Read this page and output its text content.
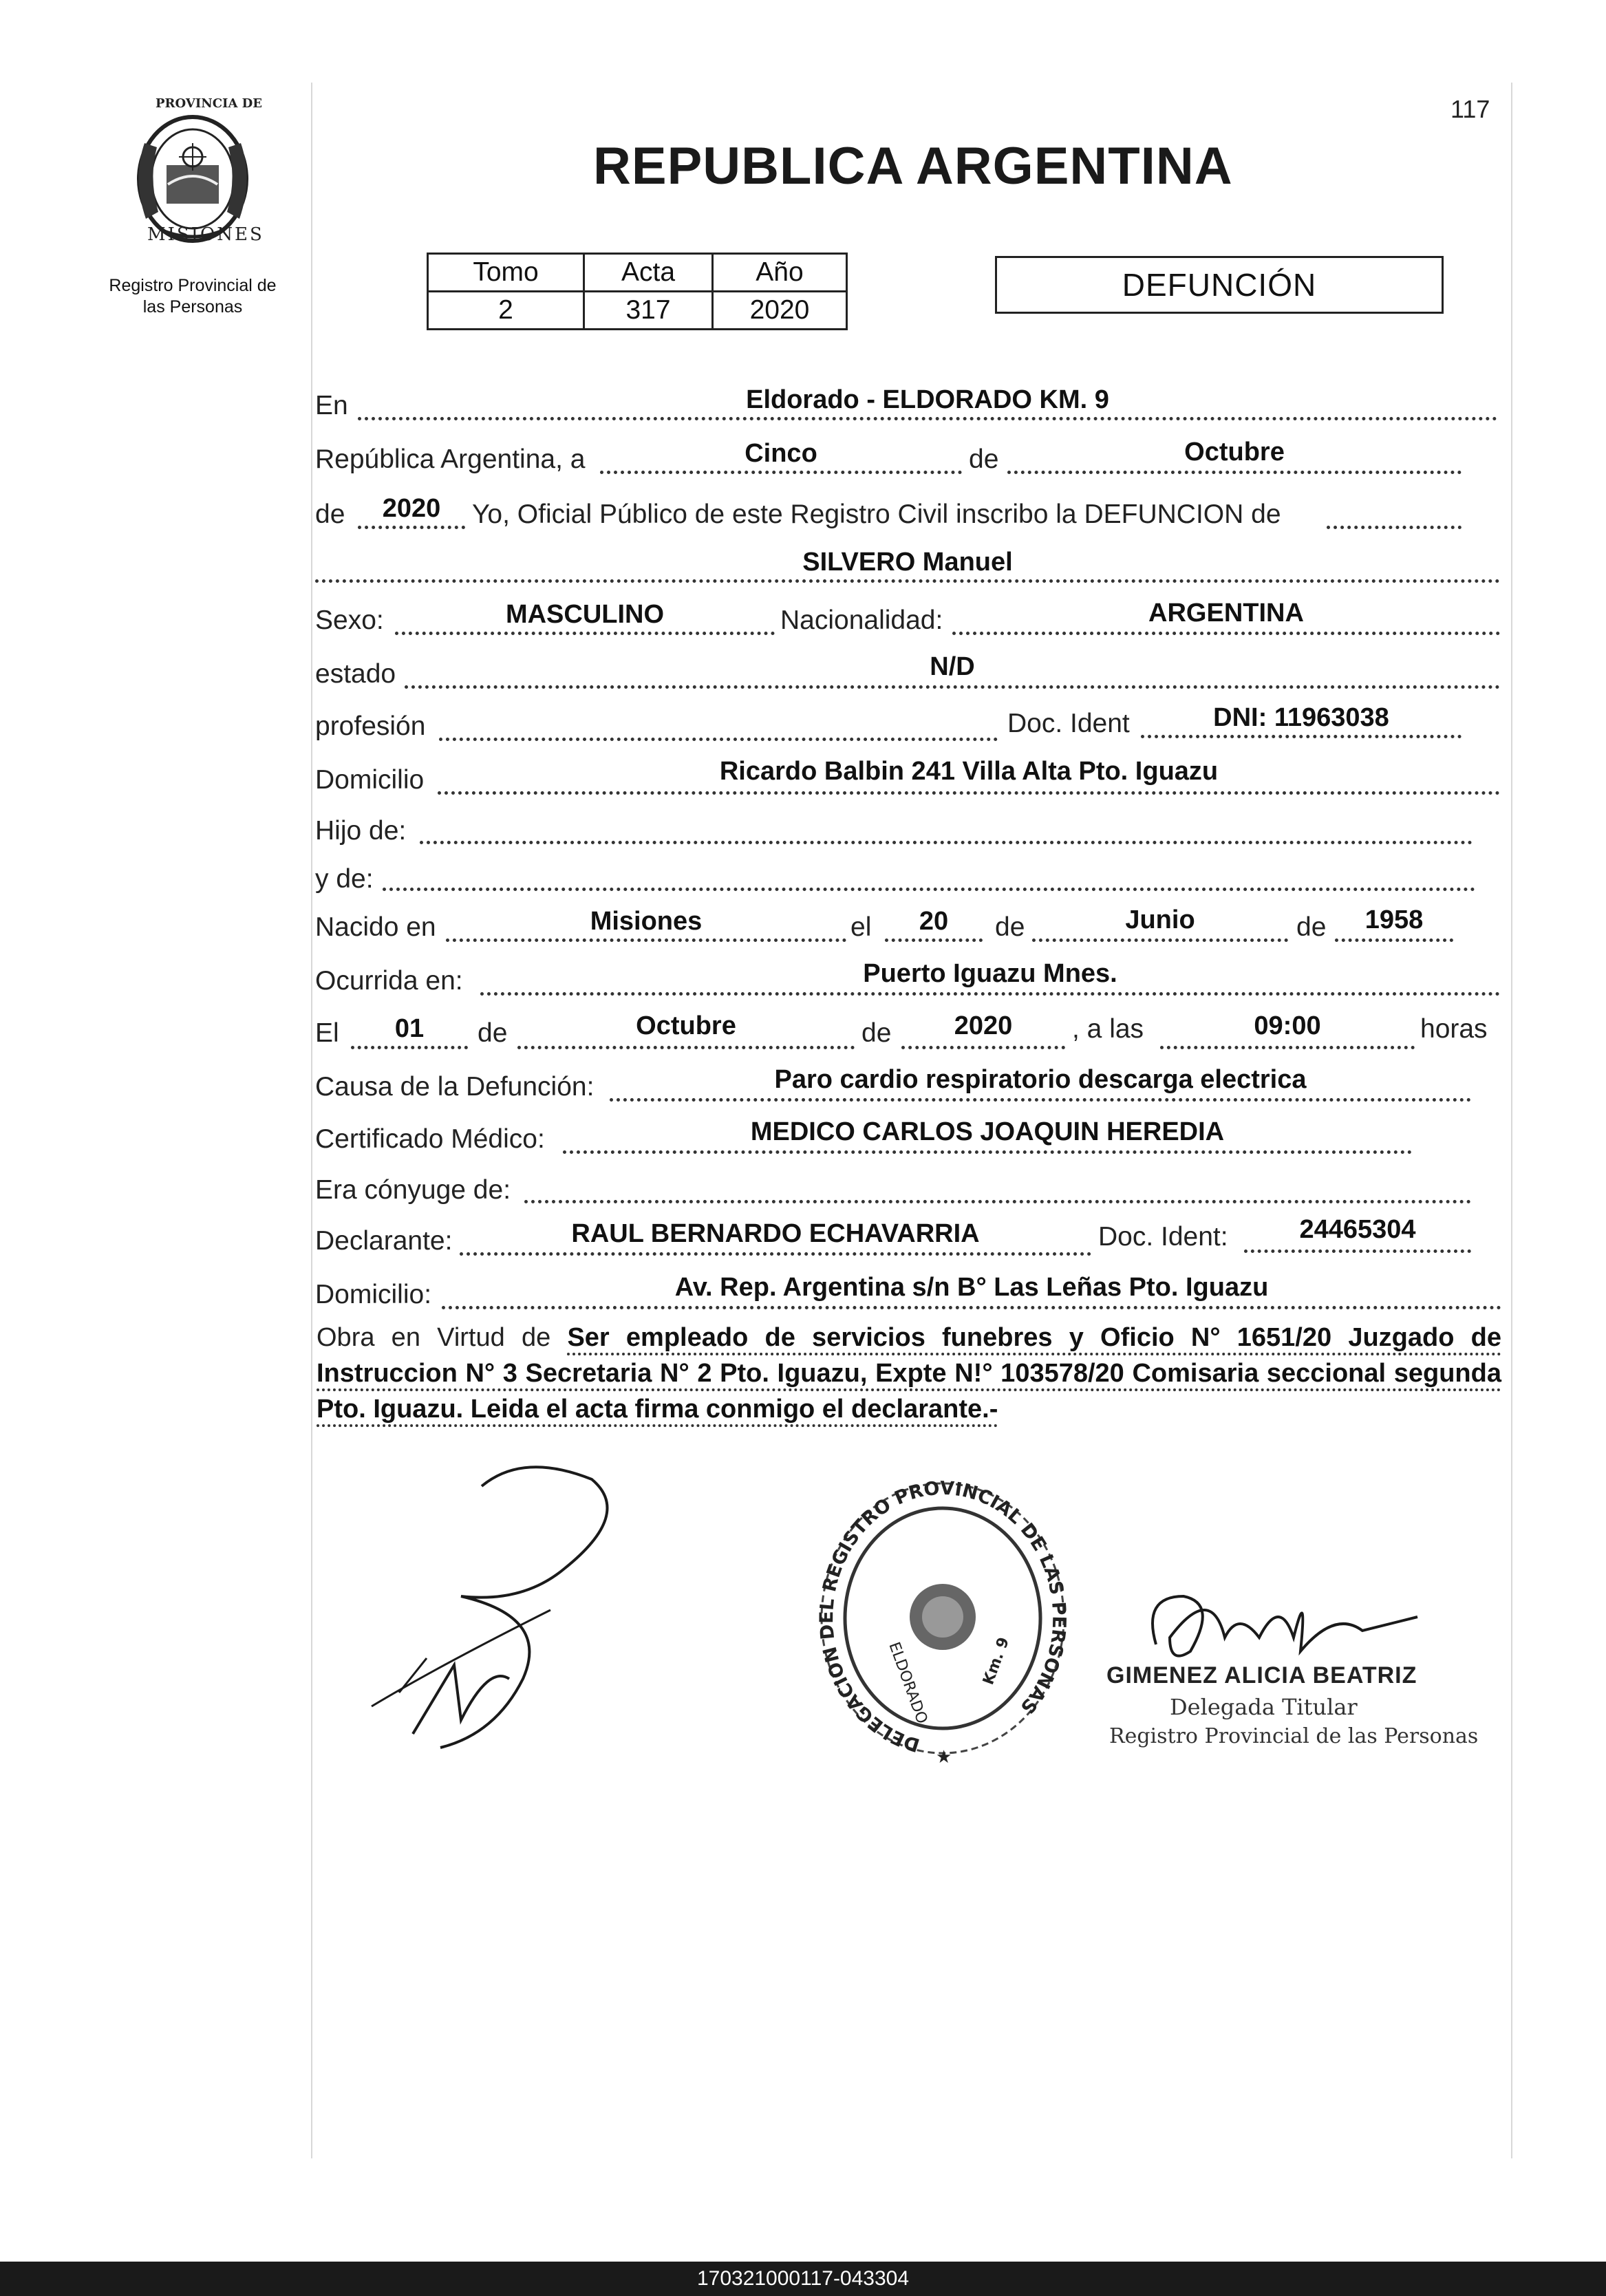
117
PROVINCIA DE
MISIONES
Registro Provincial de
las Personas
REPUBLICA ARGENTINA
Tomo	Acta	Año
2	317	2020
DEFUNCIÓN
En	Eldorado - ELDORADO KM. 9
República Argentina, a	Cinco	de	Octubre
de	2020	Yo, Oficial Público de este Registro Civil inscribo la DEFUNCION de
SILVERO Manuel
Sexo:	MASCULINO	Nacionalidad:	ARGENTINA
estado	N/D
profesión	Doc. Ident	DNI: 11963038
Domicilio	Ricardo Balbin 241 Villa Alta Pto. Iguazu
Hijo de:
y de:
Nacido en	Misiones	el	20	de	Junio	de	1958
Ocurrida en:	Puerto Iguazu Mnes.
El	01	de	Octubre	de	2020	, a las	09:00	horas
Causa de la Defunción:	Paro cardio respiratorio descarga electrica
Certificado Médico:	MEDICO CARLOS JOAQUIN HEREDIA
Era cónyuge de:
Declarante:	RAUL BERNARDO ECHAVARRIA	Doc. Ident:	24465304
Domicilio:	Av. Rep. Argentina s/n B° Las Leñas Pto. Iguazu
Obra en Virtud de Ser empleado de servicios funebres y Oficio N° 1651/20 Juzgado de Instruccion N° 3 Secretaria N° 2 Pto. Iguazu, Expte N!° 103578/20 Comisaria seccional segunda Pto. Iguazu. Leida el acta firma conmigo el declarante.-
DELEGACION DEL REGISTRO PROVINCIAL DE LAS PERSONAS
ELDORADO	Km. 9
★
GIMENEZ ALICIA BEATRIZ
Delegada Titular
Registro Provincial de las Personas
170321000117-043304
